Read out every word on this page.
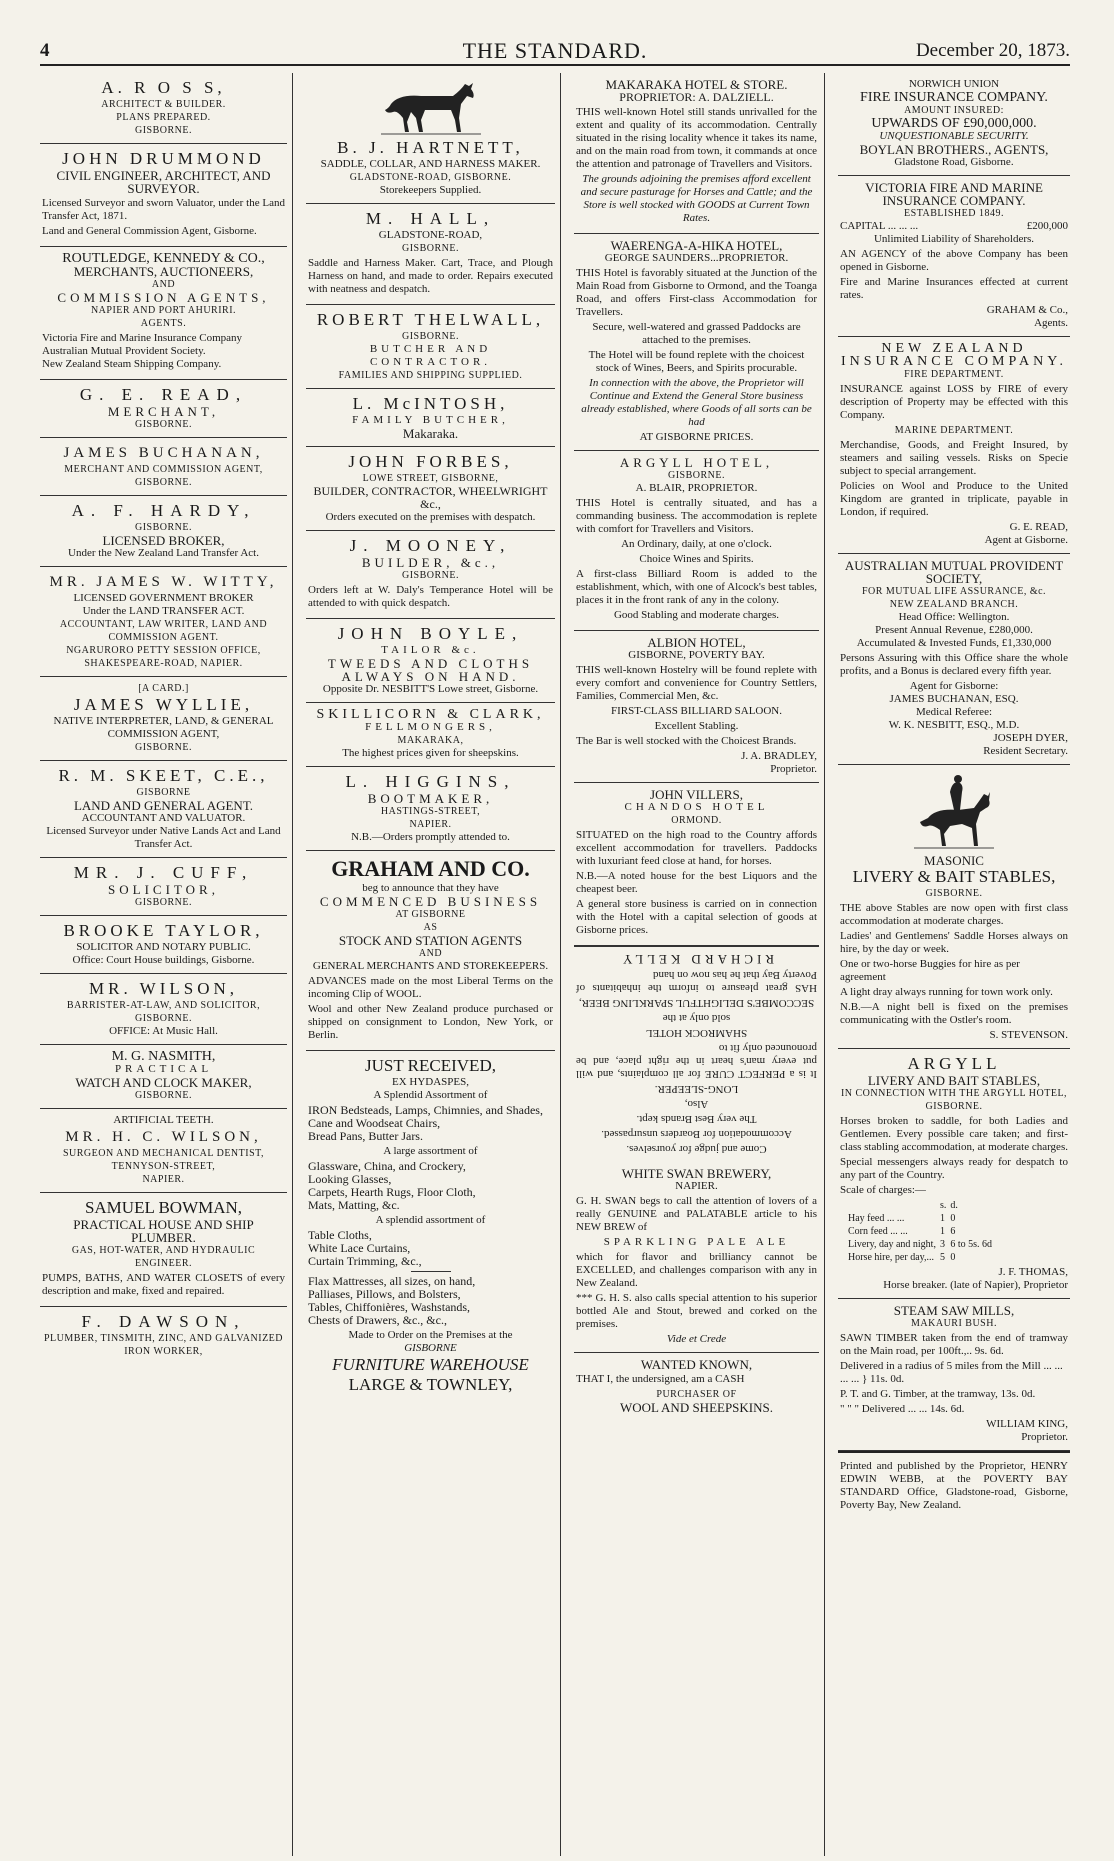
4	THE STANDARD.	December 20, 1873.
A. R O S S,
ARCHITECT & BUILDER.
PLANS PREPARED.
GISBORNE.
JOHN DRUMMOND
CIVIL ENGINEER, ARCHITECT, AND SURVEYOR.

Licensed Surveyor and sworn Valuator, under the Land Transfer Act, 1871.

Land and General Commission Agent, Gisborne.

ROUTLEDGE, KENNEDY & CO.,
MERCHANTS, AUCTIONEERS,
AND
COMMISSION AGENTS,
NAPIER AND PORT AHURIRI.
AGENTS.

Victoria Fire and Marine Insurance Company
Australian Mutual Provident Society.
New Zealand Steam Shipping Company.

G. E. READ,
MERCHANT,
GISBORNE.
JAMES BUCHANAN,
MERCHANT AND COMMISSION AGENT,
GISBORNE.
A. F. HARDY,
GISBORNE.
LICENSED BROKER,
Under the New Zealand Land Transfer Act.
MR. JAMES W. WITTY,
LICENSED GOVERNMENT BROKER
Under the LAND TRANSFER ACT.
ACCOUNTANT, LAW WRITER, LAND AND COMMISSION AGENT.
NGARURORO PETTY SESSION OFFICE,
SHAKESPEARE-ROAD, NAPIER.
[A CARD.]
JAMES WYLLIE,
NATIVE INTERPRETER, LAND, & GENERAL COMMISSION AGENT,
GISBORNE.
R. M. SKEET, C.E.,
GISBORNE
LAND AND GENERAL AGENT.
ACCOUNTANT AND VALUATOR.
Licensed Surveyor under Native Lands Act and Land Transfer Act.
MR. J. CUFF,
SOLICITOR,
GISBORNE.
BROOKE TAYLOR,
SOLICITOR AND NOTARY PUBLIC.
Office: Court House buildings, Gisborne.
MR. WILSON,
BARRISTER-AT-LAW, AND SOLICITOR,
GISBORNE.
OFFICE: At Music Hall.
M. G. NASMITH,
PRACTICAL
WATCH AND CLOCK MAKER,
GISBORNE.
ARTIFICIAL TEETH.
MR. H. C. WILSON,
SURGEON AND MECHANICAL DENTIST,
TENNYSON-STREET,
NAPIER.
SAMUEL BOWMAN,
PRACTICAL HOUSE AND SHIP PLUMBER.
GAS, HOT-WATER, AND HYDRAULIC ENGINEER.

PUMPS, BATHS, AND WATER CLOSETS of every description and make, fixed and repaired.

F. DAWSON,
PLUMBER, TINSMITH, ZINC, AND GALVANIZED IRON WORKER,
B. J. HARTNETT,
SADDLE, COLLAR, AND HARNESS MAKER.
GLADSTONE-ROAD, GISBORNE.
Storekeepers Supplied.
M. HALL,
GLADSTONE-ROAD,
GISBORNE.

Saddle and Harness Maker. Cart, Trace, and Plough Harness on hand, and made to order. Repairs executed with neatness and despatch.

ROBERT THELWALL,
GISBORNE.
BUTCHER AND CONTRACTOR.
FAMILIES AND SHIPPING SUPPLIED.
L. McINTOSH,
FAMILY BUTCHER,
Makaraka.
JOHN FORBES,
LOWE STREET, GISBORNE,
BUILDER, CONTRACTOR, WHEELWRIGHT &c.,
Orders executed on the premises with despatch.
J. MOONEY,
BUILDER, &c.,
GISBORNE.

Orders left at W. Daly's Temperance Hotel will be attended to with quick despatch.

JOHN BOYLE,
TAILOR &c.
TWEEDS AND CLOTHS ALWAYS ON HAND.
Opposite Dr. NESBITT'S Lowe street, Gisborne.
SKILLICORN & CLARK,
FELLMONGERS,
MAKARAKA,
The highest prices given for sheepskins.
L. HIGGINS,
BOOTMAKER,
HASTINGS-STREET,
NAPIER.
N.B.—Orders promptly attended to.
GRAHAM AND CO.
beg to announce that they have
COMMENCED BUSINESS
AT GISBORNE
AS
STOCK AND STATION AGENTS
AND
GENERAL MERCHANTS AND STOREKEEPERS.

ADVANCES made on the most Liberal Terms on the incoming Clip of WOOL.

Wool and other New Zealand produce purchased or shipped on consignment to London, New York, or Berlin.

JUST RECEIVED,
EX HYDASPES,
A Splendid Assortment of

IRON Bedsteads, Lamps, Chimnies, and Shades,
Cane and Woodseat Chairs,
Bread Pans, Butter Jars.

A large assortment of

Glassware, China, and Crockery,
Looking Glasses,
Carpets, Hearth Rugs, Floor Cloth,
Mats, Matting, &c.

A splendid assortment of

Table Cloths,
White Lace Curtains,
Curtain Trimming, &c.,

Flax Mattresses, all sizes, on hand,
Palliases, Pillows, and Bolsters,
Tables, Chiffonières, Washstands,
Chests of Drawers, &c., &c.,

Made to Order on the Premises at the
GISBORNE
FURNITURE WAREHOUSE
LARGE & TOWNLEY,
MAKARAKA HOTEL & STORE.
PROPRIETOR: A. DALZIELL.

THIS well-known Hotel still stands unrivalled for the extent and quality of its accommodation. Centrally situated in the rising locality whence it takes its name, and on the main road from town, it commands at once the attention and patronage of Travellers and Visitors.

The grounds adjoining the premises afford excellent and secure pasturage for Horses and Cattle; and the Store is well stocked with GOODS at Current Town Rates.

WAERENGA-A-HIKA HOTEL,
GEORGE SAUNDERS...PROPRIETOR.

THIS Hotel is favorably situated at the Junction of the Main Road from Gisborne to Ormond, and the Toanga Road, and offers First-class Accommodation for Travellers.

Secure, well-watered and grassed Paddocks are attached to the premises.

The Hotel will be found replete with the choicest stock of Wines, Beers, and Spirits procurable.

In connection with the above, the Proprietor will Continue and Extend the General Store business already established, where Goods of all sorts can be had

AT GISBORNE PRICES.
ARGYLL HOTEL,
GISBORNE.
A. BLAIR, PROPRIETOR.

THIS Hotel is centrally situated, and has a commanding business. The accommodation is replete with comfort for Travellers and Visitors.

An Ordinary, daily, at one o'clock.

Choice Wines and Spirits.

A first-class Billiard Room is added to the establishment, which, with one of Alcock's best tables, places it in the front rank of any in the colony.

Good Stabling and moderate charges.

ALBION HOTEL,
GISBORNE, POVERTY BAY.

THIS well-known Hostelry will be found replete with every comfort and convenience for Country Settlers, Families, Commercial Men, &c.

FIRST-CLASS BILLIARD SALOON.

Excellent Stabling.

The Bar is well stocked with the Choicest Brands.

J. A. BRADLEY,
Proprietor.
JOHN VILLERS,
CHANDOS HOTEL
ORMOND.

SITUATED on the high road to the Country affords excellent accommodation for travellers. Paddocks with luxuriant feed close at hand, for horses.

N.B.—A noted house for the best Liquors and the cheapest beer.

A general store business is carried on in connection with the Hotel with a capital selection of goods at Gisborne prices.

Come and judge for yourselves.

Accommodation for Boarders unsurpassed.

The very Best Brands kept.

Also,

LONG-SLEEPER.

It is a PERFECT CURE for all complaints, and will put every man's heart in the right place, and be pronounced only fit to

SHAMROCK HOTEL

sold only at the

SECCOMBE'S DELIGHTFUL SPARKLING BEER,

HAS great pleasure to inform the inhabitants of Poverty Bay that he has now on hand

RICHARD KELLY
WHITE SWAN BREWERY,
NAPIER.

G. H. SWAN begs to call the attention of lovers of a really GENUINE and PALATABLE article to his NEW BREW of

SPARKLING PALE ALE

which for flavor and brilliancy cannot be EXCELLED, and challenges comparison with any in New Zealand.

*** G. H. S. also calls special attention to his superior bottled Ale and Stout, brewed and corked on the premises.

Vide et Crede
WANTED KNOWN,

THAT I, the undersigned, am a CASH

PURCHASER OF
WOOL AND SHEEPSKINS.
NORWICH UNION
FIRE INSURANCE COMPANY.
AMOUNT INSURED:
UPWARDS OF £90,000,000.
UNQUESTIONABLE SECURITY.
BOYLAN BROTHERS., AGENTS,
Gladstone Road, Gisborne.
VICTORIA FIRE AND MARINE INSURANCE COMPANY.
ESTABLISHED 1849.
CAPITAL ... ... ...	£200,000
Unlimited Liability of Shareholders.

AN AGENCY of the above Company has been opened in Gisborne.

Fire and Marine Insurances effected at current rates.

GRAHAM & Co.,
Agents.
NEW ZEALAND
INSURANCE COMPANY.
FIRE DEPARTMENT.

INSURANCE against LOSS by FIRE of every description of Property may be effected with this Company.

MARINE DEPARTMENT.

Merchandise, Goods, and Freight Insured, by steamers and sailing vessels. Risks on Specie subject to special arrangement.

Policies on Wool and Produce to the United Kingdom are granted in triplicate, payable in London, if required.

G. E. READ,
Agent at Gisborne.
AUSTRALIAN MUTUAL PROVIDENT SOCIETY,
FOR MUTUAL LIFE ASSURANCE, &c.
NEW ZEALAND BRANCH.
Head Office: Wellington.
Present Annual Revenue, £280,000.
Accumulated & Invested Funds, £1,330,000

Persons Assuring with this Office share the whole profits, and a Bonus is declared every fifth year.

Agent for Gisborne:
JAMES BUCHANAN, ESQ.
Medical Referee:
W. K. NESBITT, ESQ., M.D.
JOSEPH DYER,
Resident Secretary.
MASONIC
LIVERY & BAIT STABLES,
GISBORNE.

THE above Stables are now open with first class accommodation at moderate charges.

Ladies' and Gentlemens' Saddle Horses always on hire, by the day or week.

One or two-horse Buggies for hire as per agreement

A light dray always running for town work only.

N.B.—A night bell is fixed on the premises communicating with the Ostler's room.

S. STEVENSON.
ARGYLL
LIVERY AND BAIT STABLES,
IN CONNECTION WITH THE ARGYLL HOTEL,
GISBORNE.

Horses broken to saddle, for both Ladies and Gentlemen. Every possible care taken; and first-class stabling accommodation, at moderate charges.

Special messengers always ready for despatch to any part of the Country.

Scale of charges:—
	s.	d.
Hay feed ... ...	1	0
Corn feed ... ...	1	6
Livery, day and night,	3	6 to 5s. 6d
Horse hire, per day,...	5	0
J. F. THOMAS,
Horse breaker. (late of Napier), Proprietor
STEAM SAW MILLS,
MAKAURI BUSH.

SAWN TIMBER taken from the end of tramway on the Main road, per 100ft.,.. 9s. 6d.

Delivered in a radius of 5 miles from the Mill ... ... ... ... } 11s. 0d.

P. T. and G. Timber, at the tramway, 13s. 0d.

" " " Delivered ... ... 14s. 6d.

WILLIAM KING,
Proprietor.

Printed and published by the Proprietor, HENRY EDWIN WEBB, at the POVERTY BAY STANDARD Office, Gladstone-road, Gisborne, Poverty Bay, New Zealand.
